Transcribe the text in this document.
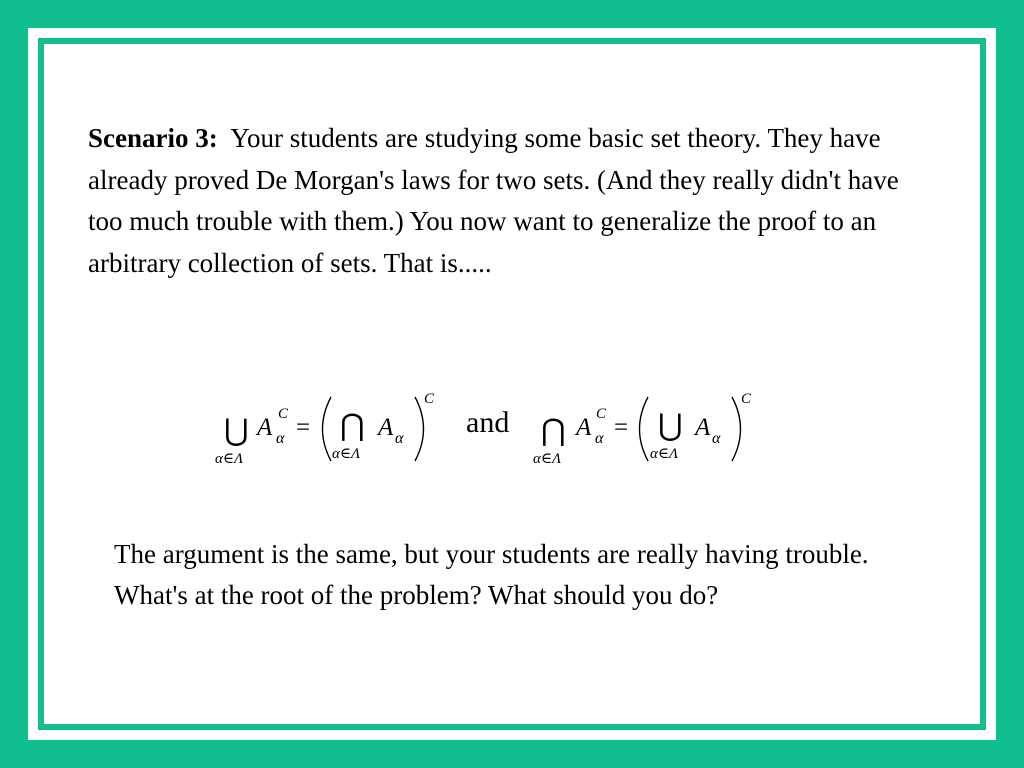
Scenario 3: Your students are studying some basic set theory. They have already proved De Morgan's laws for two sets. (And they really didn't have too much trouble with them.) You now want to generalize the proof to an arbitrary collection of sets. That is.....

⋃
α∈Λ
A C
α = ⋂
α∈Λ
A α
C
and ⋂
α∈Λ
A C
α = ⋃
α∈Λ
A α
C

The argument is the same, but your students are really having trouble. What's at the root of the problem? What should you do?
